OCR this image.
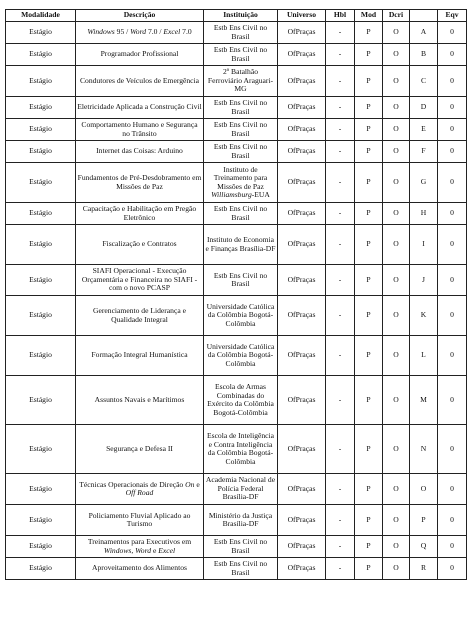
Modalidade	Descrição	Instituição	Universo	Hbl	Mod	Dcri		Eqv
Estágio	Windows 95 / Word 7.0 / Excel 7.0	Estb Ens Civil no Brasil	OfPraças	-	P	O	A	0
Estágio	Programador Profissional	Estb Ens Civil no Brasil	OfPraças	-	P	O	B	0
Estágio	Condutores de Veículos de Emergência	2º Batalhão Ferroviário Araguari-MG	OfPraças	-	P	O	C	0
Estágio	Eletricidade Aplicada a Construção Civil	Estb Ens Civil no Brasil	OfPraças	-	P	O	D	0
Estágio	Comportamento Humano e Segurança no Trânsito	Estb Ens Civil no Brasil	OfPraças	-	P	O	E	0
Estágio	Internet das Coisas: Arduino	Estb Ens Civil no Brasil	OfPraças	-	P	O	F	0
Estágio	Fundamentos de Pré-Desdobramento em Missões de Paz	Instituto de Treinamento para Missões de Paz Williamsburg-EUA	OfPraças	-	P	O	G	0
Estágio	Capacitação e Habilitação em Pregão Eletrônico	Estb Ens Civil no Brasil	OfPraças	-	P	O	H	0
Estágio	Fiscalização e Contratos	Instituto de Economia e Finanças Brasília-DF	OfPraças	-	P	O	I	0
Estágio	SIAFI Operacional - Execução Orçamentária e Financeira no SIAFI - com o novo PCASP	Estb Ens Civil no Brasil	OfPraças	-	P	O	J	0
Estágio	Gerenciamento de Liderança e Qualidade Integral	Universidade Católica da Colômbia Bogotá-Colômbia	OfPraças	-	P	O	K	0
Estágio	Formação Integral Humanística	Universidade Católica da Colômbia Bogotá-Colômbia	OfPraças	-	P	O	L	0
Estágio	Assuntos Navais e Marítimos	Escola de Armas Combinadas do Exército da Colômbia Bogotá-Colômbia	OfPraças	-	P	O	M	0
Estágio	Segurança e Defesa II	Escola de Inteligência e Contra Inteligência da Colômbia Bogotá-Colômbia	OfPraças	-	P	O	N	0
Estágio	Técnicas Operacionais de Direção On e Off Road	Academia Nacional de Polícia Federal Brasília-DF	OfPraças	-	P	O	O	0
Estágio	Policiamento Fluvial Aplicado ao Turismo	Ministério da Justiça Brasília-DF	OfPraças	-	P	O	P	0
Estágio	Treinamentos para Executivos em Windows, Word e Excel	Estb Ens Civil no Brasil	OfPraças	-	P	O	Q	0
Estágio	Aproveitamento dos Alimentos	Estb Ens Civil no Brasil	OfPraças	-	P	O	R	0
